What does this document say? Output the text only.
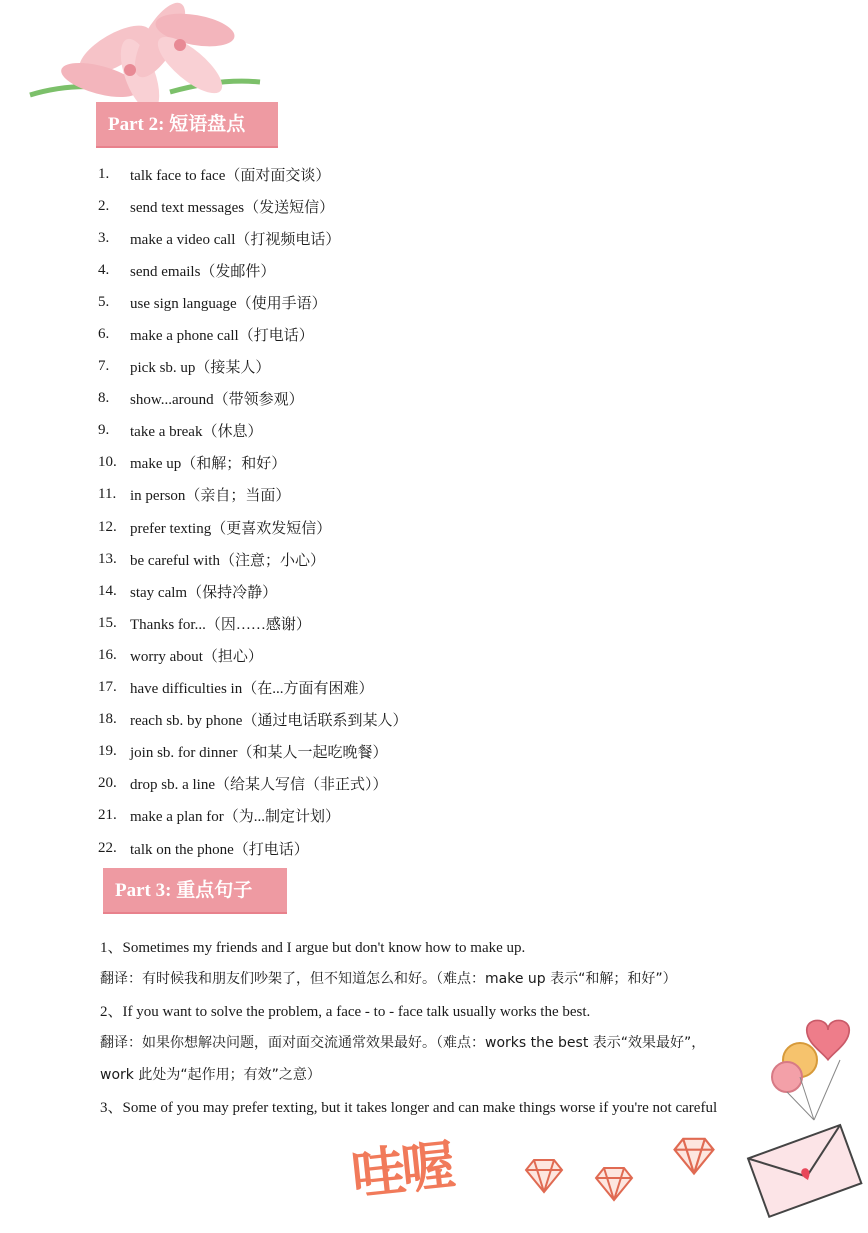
Part 2: 短语盘点
1.	talk face to face（面对面交谈）
2.	send text messages（发送短信）
3.	make a video call（打视频电话）
4.	send emails（发邮件）
5.	use sign language（使用手语）
6.	make a phone call（打电话）
7.	pick sb. up（接某人）
8.	show...around（带领参观）
9.	take a break（休息）
10. make up（和解；和好）
11. in person（亲自；当面）
12. prefer texting（更喜欢发短信）
13. be careful with（注意；小心）
14. stay calm（保持冷静）
15. Thanks for...（因……感谢）
16. worry about（担心）
17. have difficulties in（在...方面有困难）
18. reach sb. by phone（通过电话联系到某人）
19. join sb. for dinner（和某人一起吃晚餐）
20. drop sb. a line（给某人写信（非正式））
21. make a plan for（为...制定计划）
22. talk on the phone（打电话）
Part 3: 重点句子
1、Sometimes my friends and I argue but don't know how to make up.
翻译：有时候我和朋友们吵架了，但不知道怎么和好。（难点：make up 表示“和解；和好”）
2、If you want to solve the problem, a face - to - face talk usually works the best.
翻译：如果你想解决问题，面对面交流通常效果最好。（难点：works the best 表示“效果最好”，
work 此处为“起作用；有效”之意）
3、Some of you may prefer texting, but it takes longer and can make things worse if you're not careful
哇喔
